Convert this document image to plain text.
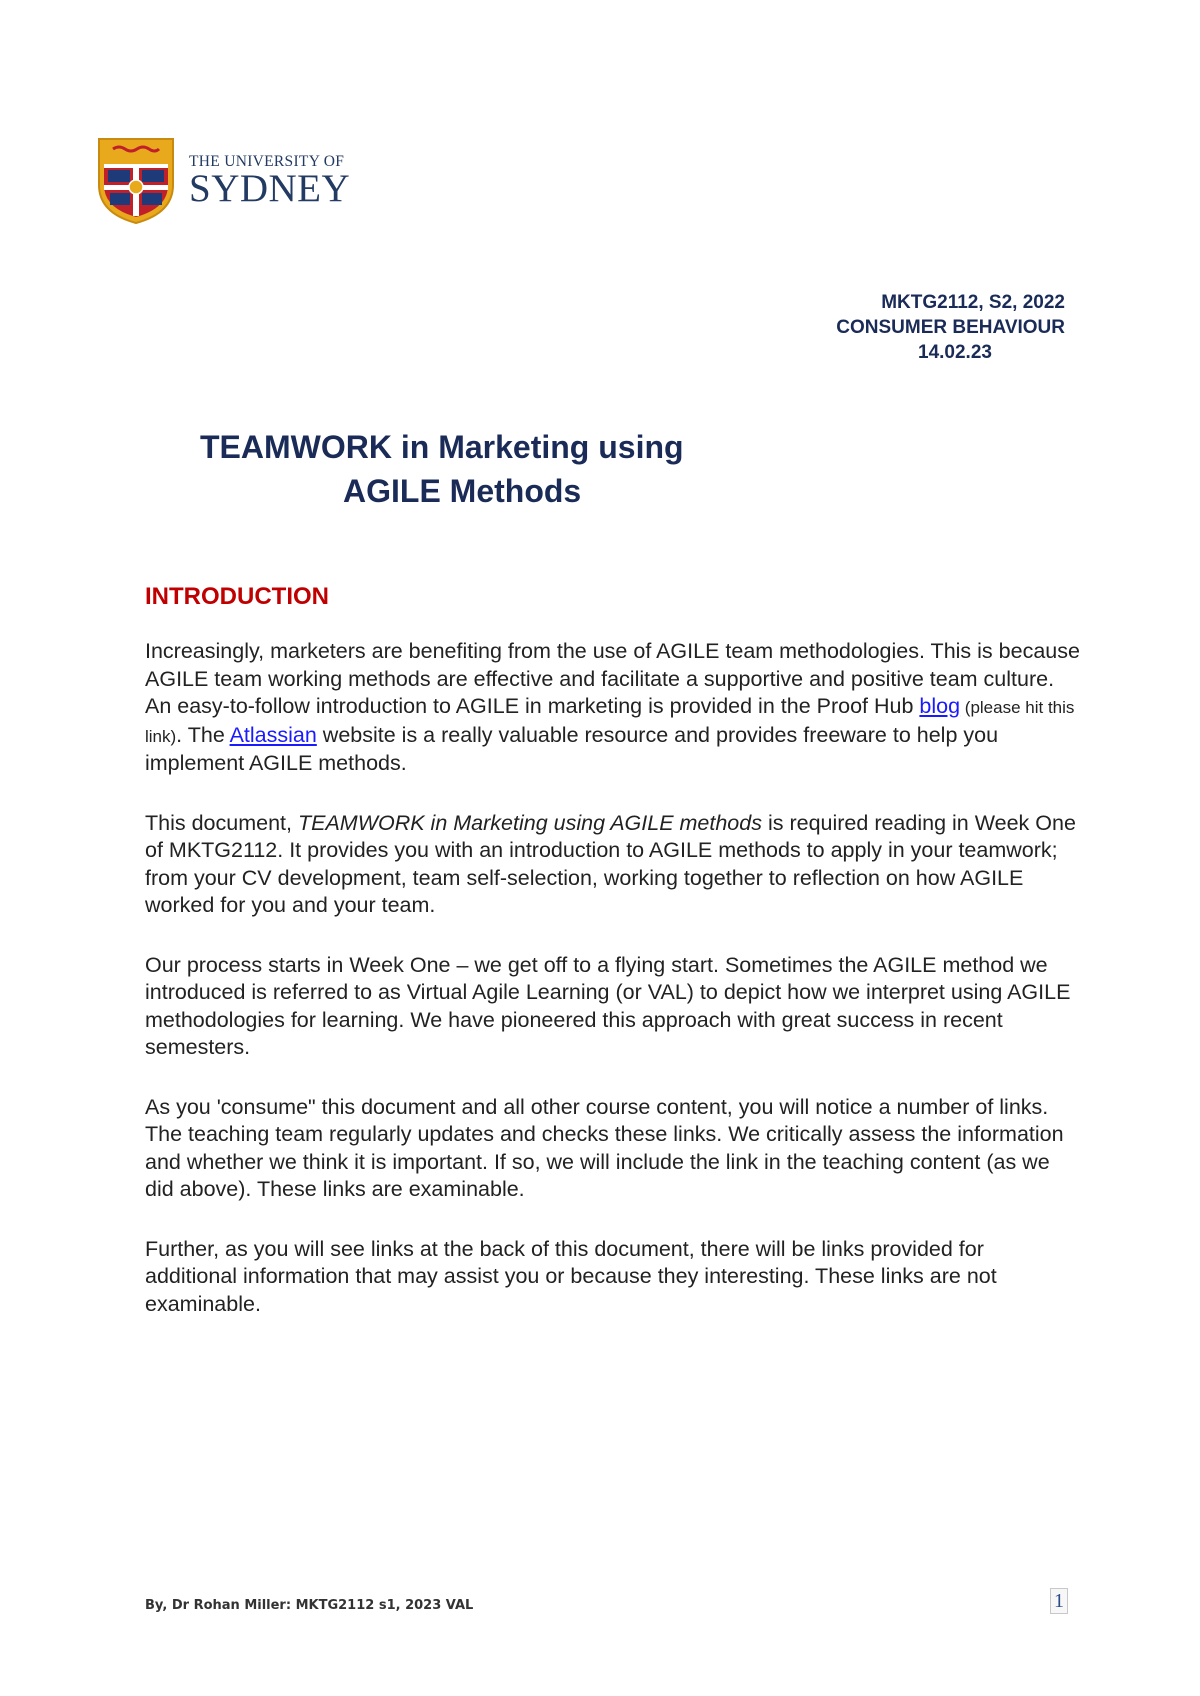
THE UNIVERSITY OF
SYDNEY
MKTG2112, S2, 2022
CONSUMER BEHAVIOUR
14.02.23
TEAMWORK in Marketing using
AGILE Methods
INTRODUCTION

Increasingly, marketers are benefiting from the use of AGILE team methodologies. This is because AGILE team working methods are effective and facilitate a supportive and positive team culture. An easy-to-follow introduction to AGILE in marketing is provided in the Proof Hub blog (please hit this link). The Atlassian website is a really valuable resource and provides freeware to help you implement AGILE methods.

This document, TEAMWORK in Marketing using AGILE methods is required reading in Week One of MKTG2112. It provides you with an introduction to AGILE methods to apply in your teamwork; from your CV development, team self-selection, working together to reflection on how AGILE worked for you and your team.

Our process starts in Week One – we get off to a flying start. Sometimes the AGILE method we introduced is referred to as Virtual Agile Learning (or VAL) to depict how we interpret using AGILE methodologies for learning. We have pioneered this approach with great success in recent semesters.

As you 'consume" this document and all other course content, you will notice a number of links. The teaching team regularly updates and checks these links. We critically assess the information and whether we think it is important. If so, we will include the link in the teaching content (as we did above). These links are examinable.

Further, as you will see links at the back of this document, there will be links provided for additional information that may assist you or because they interesting. These links are not examinable.

By, Dr Rohan Miller: MKTG2112 s1, 2023 VAL	1
